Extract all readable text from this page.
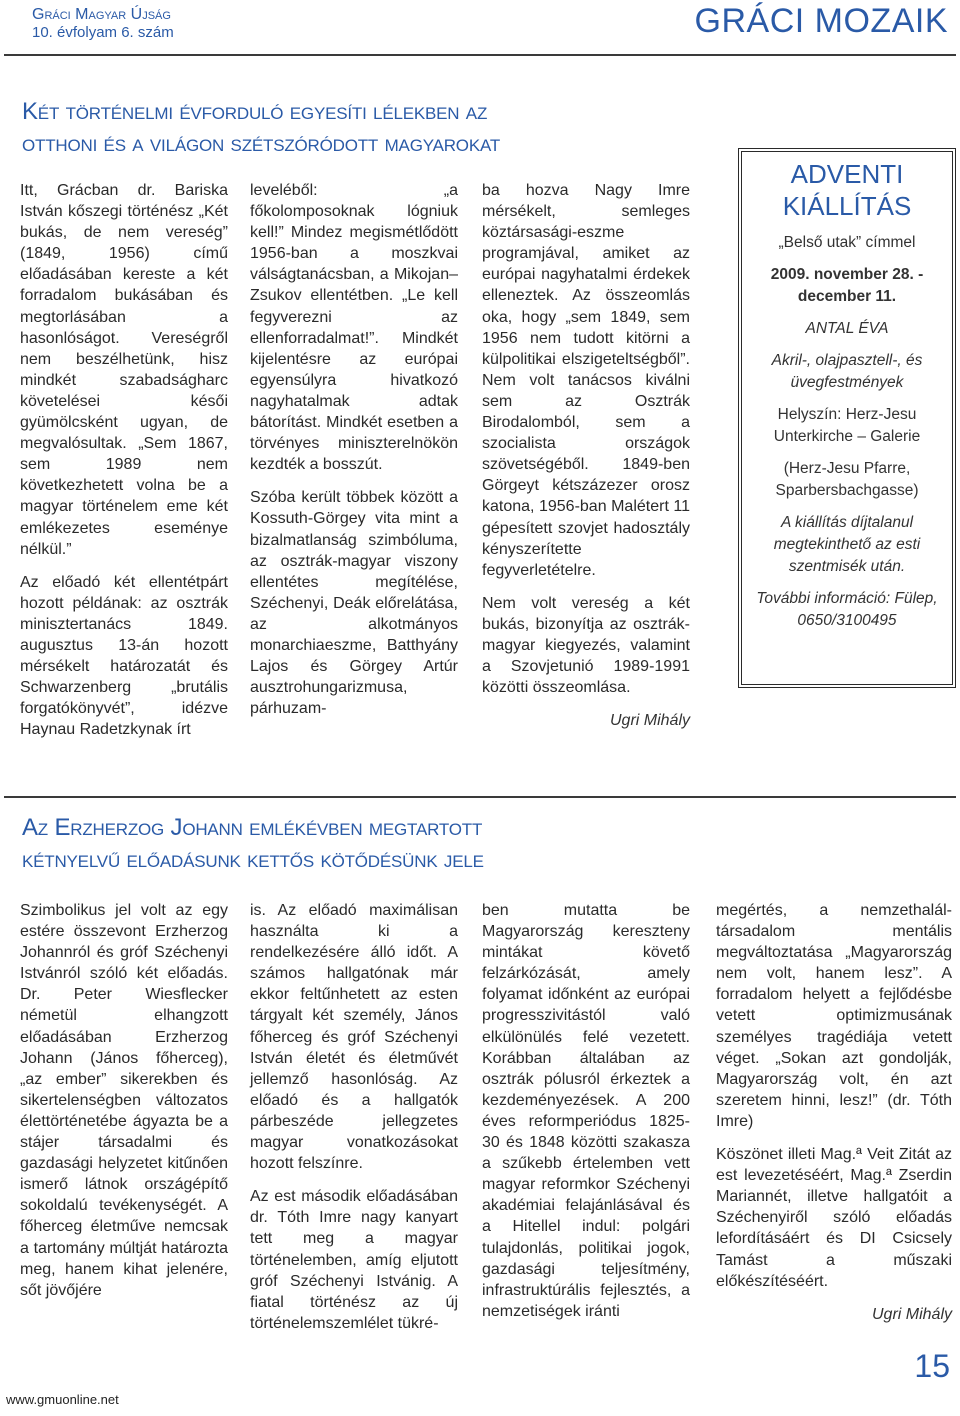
Gráci Magyar Újság
10. évfolyam 6. szám	GRÁCI MOZAIK
Két történelmi évforduló egyesíti lélekben az
otthoni és a világon szétszóródott magyarokat

Itt, Grácban dr. Bariska István kőszegi történész „Két bukás, de nem vereség” (1849, 1956) című előadásában kereste a két forradalom bukásában és megtorlásában a hasonlóságot. Vereségről nem beszélhetünk, hisz mindkét szabadságharc követelései késői gyümölcsként ugyan, de megvalósultak. „Sem 1867, sem 1989 nem következhetett volna be a magyar történelem eme két emlékezetes eseménye nélkül.”

Az előadó két ellentétpárt hozott példának: az osztrák minisztertanács 1849. augusztus 13-án hozott mérsékelt határozatát és Schwarzenberg „brutális forgatókönyvét”, idézve Haynau Radetzkynak írt

leveléből: „a főkolomposoknak lógniuk kell!” Mindez megismétlődött 1956-ban a moszkvai válságtanácsban, a Mikojan–Zsukov ellentétben. „Le kell fegyverezni az ellenforradalmat!”. Mindkét kijelentésre az európai egyensúlyra hivatkozó nagyhatalmak adtak bátorítást. Mindkét esetben a törvényes miniszterelnökön kezdték a bosszút.

Szóba került többek között a Kossuth-Görgey vita mint a bizalmatlanság szimbóluma, az osztrák-magyar viszony ellentétes megítélése, Széchenyi, Deák előrelátása, az alkotmányos monarchiaeszme, Batthyány Lajos és Görgey Artúr ausztrohungarizmusa, párhuzam-

ba hozva Nagy Imre mérsékelt, semleges köztársasági-eszme programjával, amiket az európai nagyhatalmi érdekek elleneztek. Az összeomlás oka, hogy „sem 1849, sem 1956 nem tudott kitörni a külpolitikai elszigeteltségből”. Nem volt tanácsos kiválni sem az Osztrák Birodalomból, sem a szocialista országok szövetségéből. 1849-ben Görgeyt kétszázezer orosz katona, 1956-ban Malétert 11 gépesített szovjet hadosztály kényszerítette fegyverletételre.

Nem volt vereség a két bukás, bizonyítja az osztrák-magyar kiegyezés, valamint a Szovjetunió 1989-1991 közötti összeomlása.

Ugri Mihály

ADVENTI KIÁLLÍTÁS

„Belső utak” címmel

2009. november 28. - december 11.

ANTAL ÉVA

Akril-, olajpasztell-, és üvegfestmények

Helyszín: Herz-Jesu Unterkirche – Galerie

(Herz-Jesu Pfarre, Sparbersbachgasse)

A kiállítás díjtalanul megtekinthető az esti szentmisék után.

További információ: Fülep, 0650/3100495

Az Erzherzog Johann emlékévben megtartott
kétnyelvű előadásunk kettős kötődésünk jele

Szimbolikus jel volt az egy estére összevont Erzherzog Johannról és gróf Széchenyi Istvánról szóló két előadás. Dr. Peter Wiesflecker németül elhangzott előadásában Erzherzog Johann (János főherceg), „az ember” sikerekben és sikertelenségben változatos élettörténetébe ágyazta be a stájer társadalmi és gazdasági helyzetet kitűnően ismerő látnok országépítő sokoldalú tevékenységét. A főherceg életműve nemcsak a tartomány múltját határozta meg, hanem kihat jelenére, sőt jövőjére

is. Az előadó maximálisan használta ki a rendelkezésére álló időt. A számos hallgatónak már ekkor feltűnhetett az esten tárgyalt két személy, János főherceg és gróf Széchenyi István életét és életművét jellemző hasonlóság. Az előadó és a hallgatók párbeszéde jellegzetes magyar vonatkozásokat hozott felszínre.

Az est második előadásában dr. Tóth Imre nagy kanyart tett meg a magyar történelemben, amíg eljutott gróf Széchenyi Istvánig. A fiatal történész az új történelemszemlélet tükré-

ben mutatta be Magyarország kereszteny mintákat követő felzárkózását, amely folyamat időnként az európai progresszivitástól való elkülönülés felé vezetett. Korábban általában az osztrák pólusról érkeztek a kezdeményezések. A 200 éves reformperiódus 1825-30 és 1848 közötti szakasza a szűkebb értelemben vett magyar reformkor Széchenyi akadémiai felajánlásával és a Hitellel indul: polgári tulajdonlás, politikai jogok, gazdasági teljesítmény, infrastruktúrális fejlesztés, a nemzetiségek iránti

megértés, a nemzethalál-társadalom mentális megváltoztatása „Magyarország nem volt, hanem lesz”. A forradalom helyett a fejlődésbe vetett optimizmusának személyes tragédiája vetett véget. „Sokan azt gondolják, Magyarország volt, én azt szeretem hinni, lesz!” (dr. Tóth Imre)

Köszönet illeti Mag.ª Veit Zitát az est levezetéséért, Mag.ª Zserdin Mariannét, illetve hallgatóit a Széchenyiről szóló előadás lefordításáért és DI Csicsely Tamást a műszaki előkészítéséért.

Ugri Mihály
www.gmuonline.net
15
